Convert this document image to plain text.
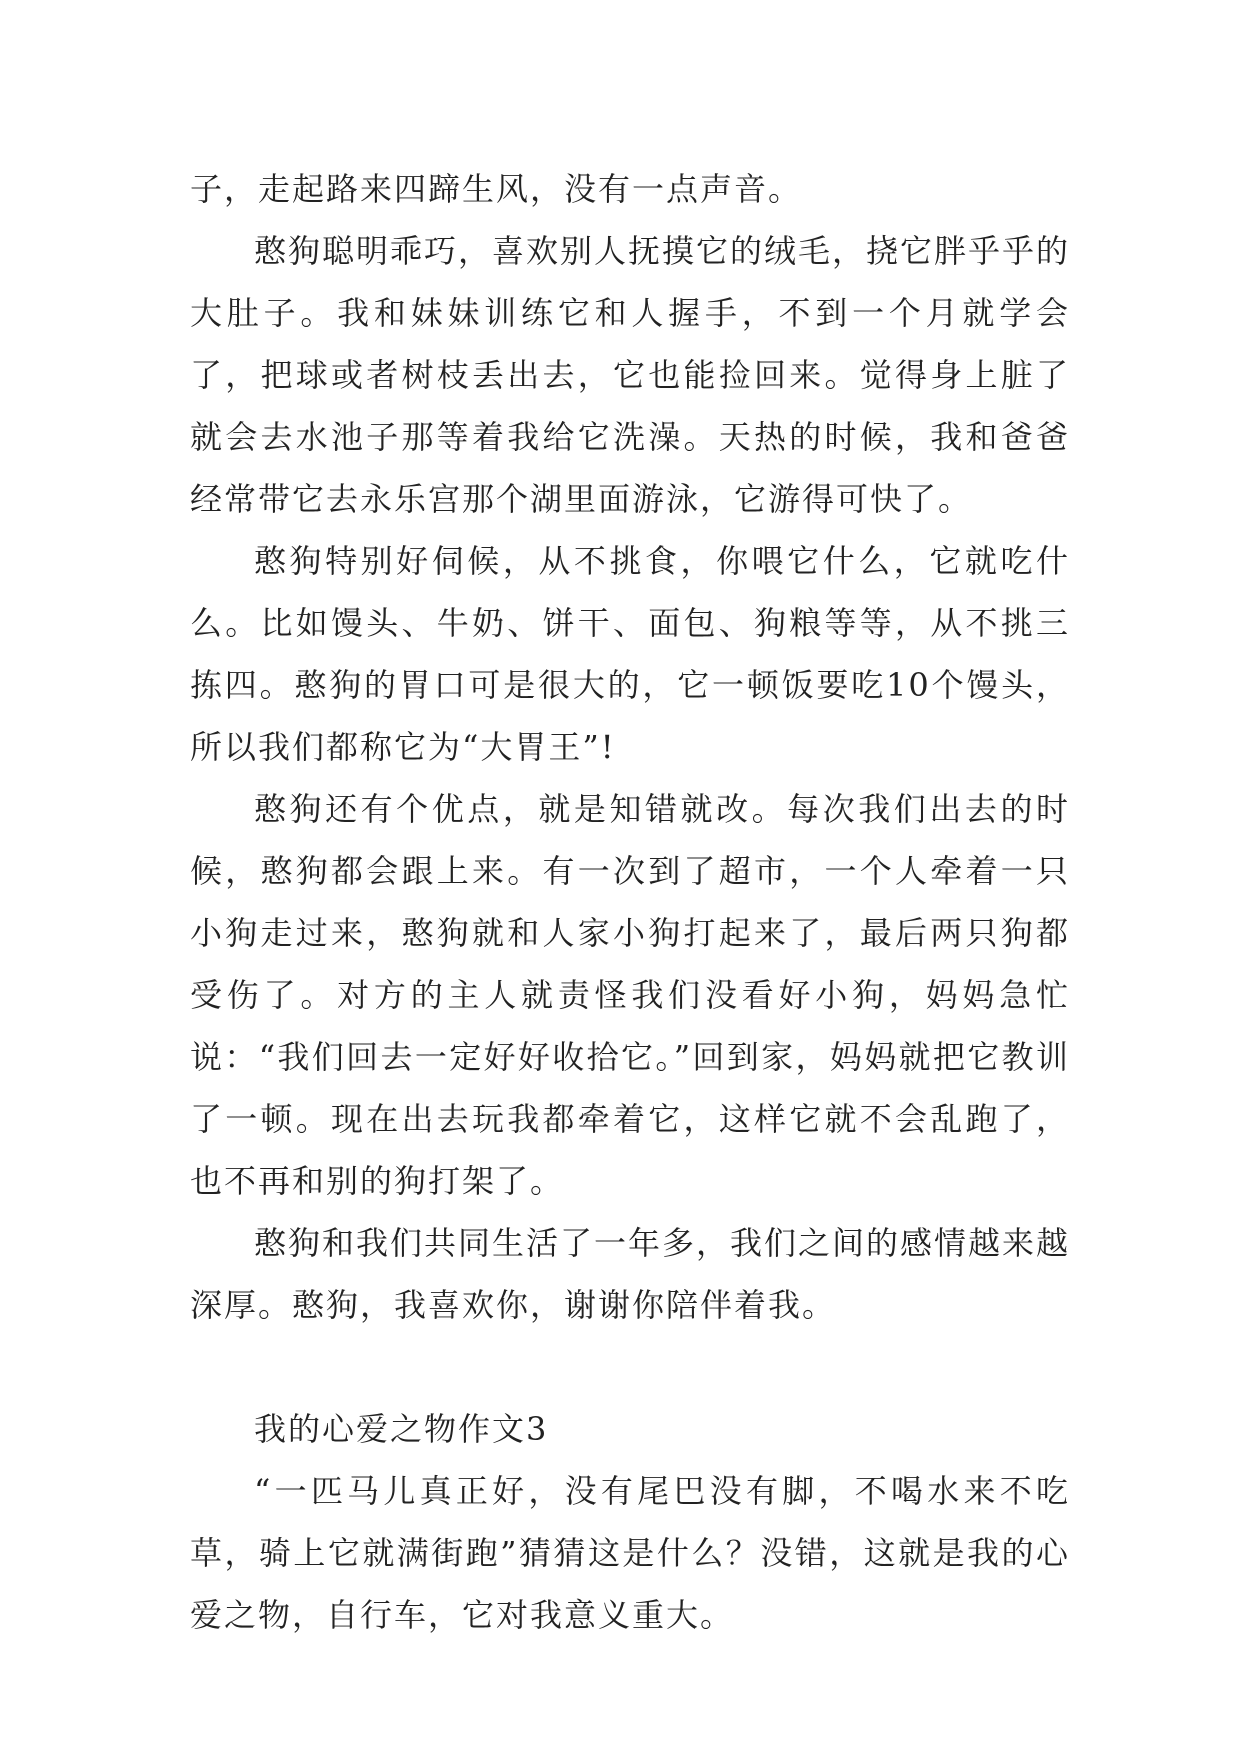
子，走起路来四蹄生风，没有一点声音。

憨狗聪明乖巧，喜欢别人抚摸它的绒毛，挠它胖乎乎的大肚子。我和妹妹训练它和人握手，不到一个月就学会了，把球或者树枝丢出去，它也能捡回来。觉得身上脏了就会去水池子那等着我给它洗澡。天热的时候，我和爸爸经常带它去永乐宫那个湖里面游泳，它游得可快了。

憨狗特别好伺候，从不挑食，你喂它什么，它就吃什么。比如馒头、牛奶、饼干、面包、狗粮等等，从不挑三拣四。憨狗的胃口可是很大的，它一顿饭要吃10个馒头，所以我们都称它为“大胃王”!

憨狗还有个优点，就是知错就改。每次我们出去的时候，憨狗都会跟上来。有一次到了超市，一个人牵着一只小狗走过来，憨狗就和人家小狗打起来了，最后两只狗都受伤了。对方的主人就责怪我们没看好小狗，妈妈急忙说：“我们回去一定好好收拾它。”回到家，妈妈就把它教训了一顿。现在出去玩我都牵着它，这样它就不会乱跑了，也不再和别的狗打架了。

憨狗和我们共同生活了一年多，我们之间的感情越来越深厚。憨狗，我喜欢你，谢谢你陪伴着我。

我的心爱之物作文3

“一匹马儿真正好，没有尾巴没有脚，不喝水来不吃草，骑上它就满街跑”猜猜这是什么？没错，这就是我的心爱之物，自行车，它对我意义重大。
